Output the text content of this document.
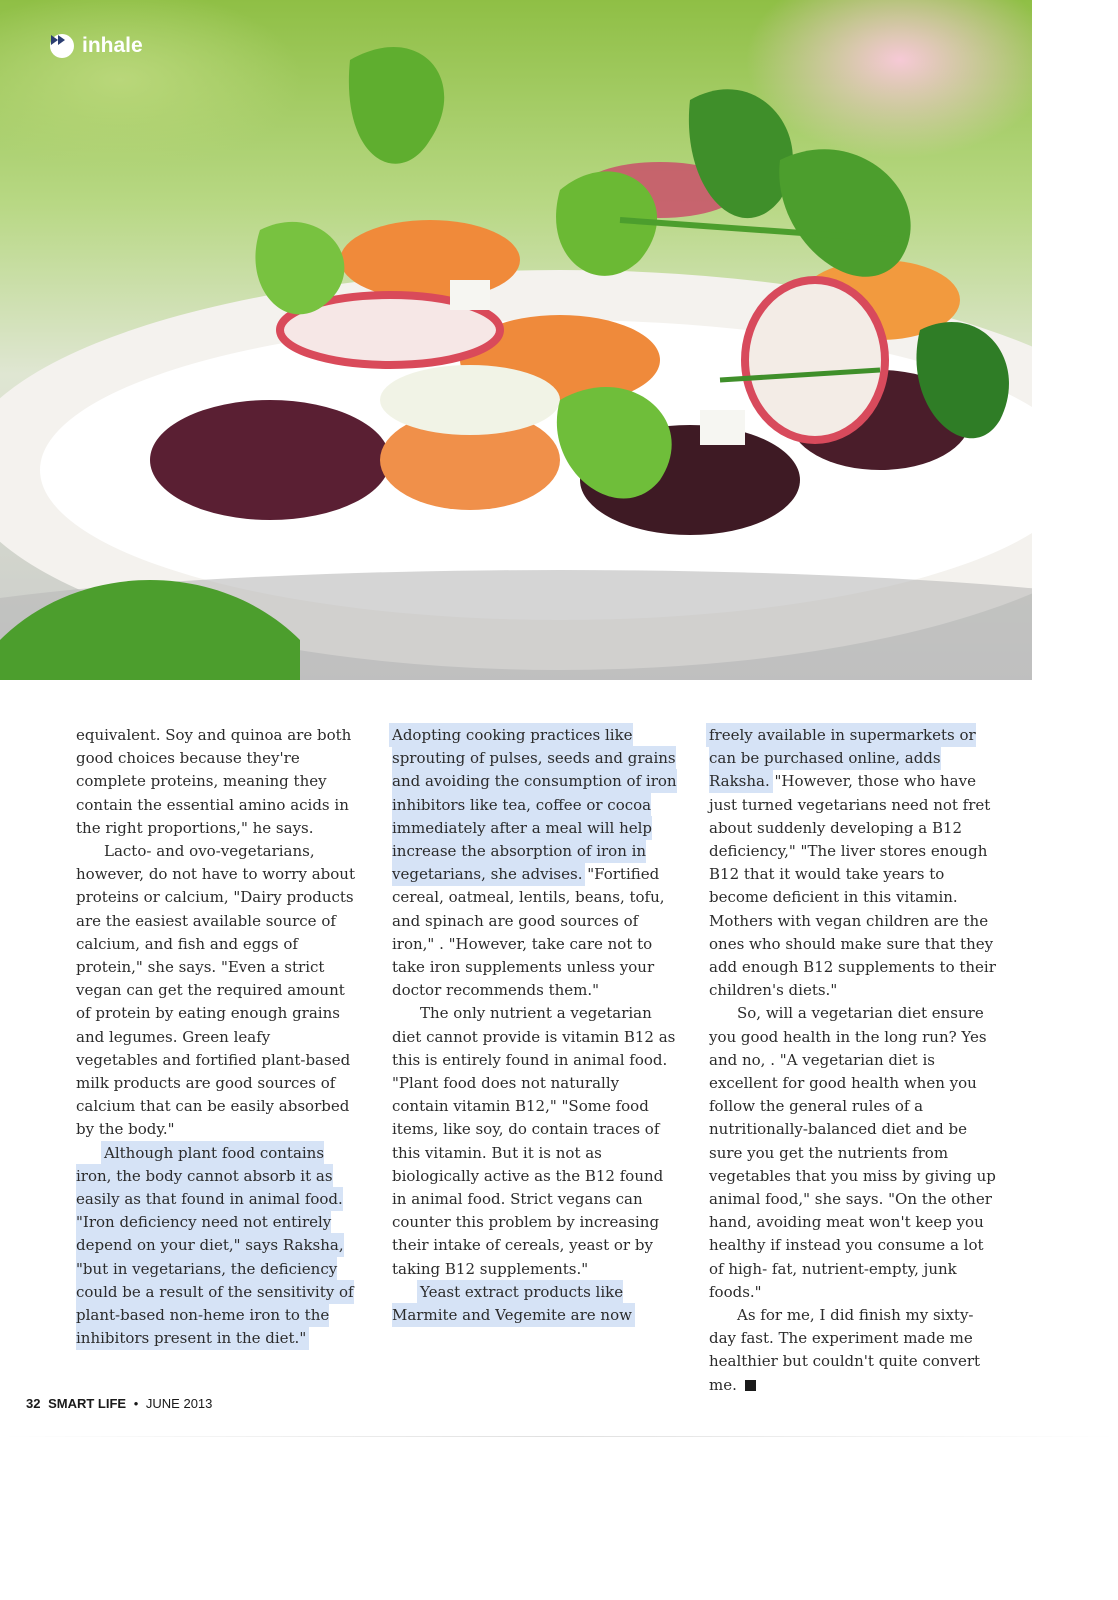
inhale

equivalent. Soy and quinoa are both good choices because they're complete proteins, meaning they contain the essential amino acids in the right proportions," he says.

Lacto- and ovo-vegetarians, however, do not have to worry about proteins or calcium, "Dairy products are the easiest available source of calcium, and fish and eggs of protein," she says. "Even a strict vegan can get the required amount of protein by eating enough grains and legumes. Green leafy vegetables and fortified plant-based milk products are good sources of calcium that can be easily absorbed by the body."

Although plant food contains iron, the body cannot absorb it as easily as that found in animal food. "Iron deficiency need not entirely depend on your diet," says Raksha, "but in vegetarians, the deficiency could be a result of the sensitivity of plant-based non-heme iron to the inhibitors present in the diet."

Adopting cooking practices like sprouting of pulses, seeds and grains and avoiding the consumption of iron inhibitors like tea, coffee or cocoa immediately after a meal will help increase the absorption of iron in vegetarians, she advises. "Fortified cereal, oatmeal, lentils, beans, tofu, and spinach are good sources of iron," . "However, take care not to take iron supplements unless your doctor recommends them."

The only nutrient a vegetarian diet cannot provide is vitamin B12 as this is entirely found in animal food. "Plant food does not naturally contain vitamin B12," "Some food items, like soy, do contain traces of this vitamin. But it is not as biologically active as the B12 found in animal food. Strict vegans can counter this problem by increasing their intake of cereals, yeast or by taking B12 supplements."

Yeast extract products like Marmite and Vegemite are now

freely available in supermarkets or can be purchased online, adds Raksha. "However, those who have just turned vegetarians need not fret about suddenly developing a B12 deficiency," "The liver stores enough B12 that it would take years to become deficient in this vitamin. Mothers with vegan children are the ones who should make sure that they add enough B12 supplements to their children's diets."

So, will a vegetarian diet ensure you good health in the long run? Yes and no, . "A vegetarian diet is excellent for good health when you follow the general rules of a nutritionally-balanced diet and be sure you get the nutrients from vegetables that you miss by giving up animal food," she says. "On the other hand, avoiding meat won't keep you healthy if instead you consume a lot of high- fat, nutrient-empty, junk foods."

As for me, I did finish my sixty-day fast. The experiment made me healthier but couldn't quite convert me.

32 SMART LIFE • JUNE 2013
